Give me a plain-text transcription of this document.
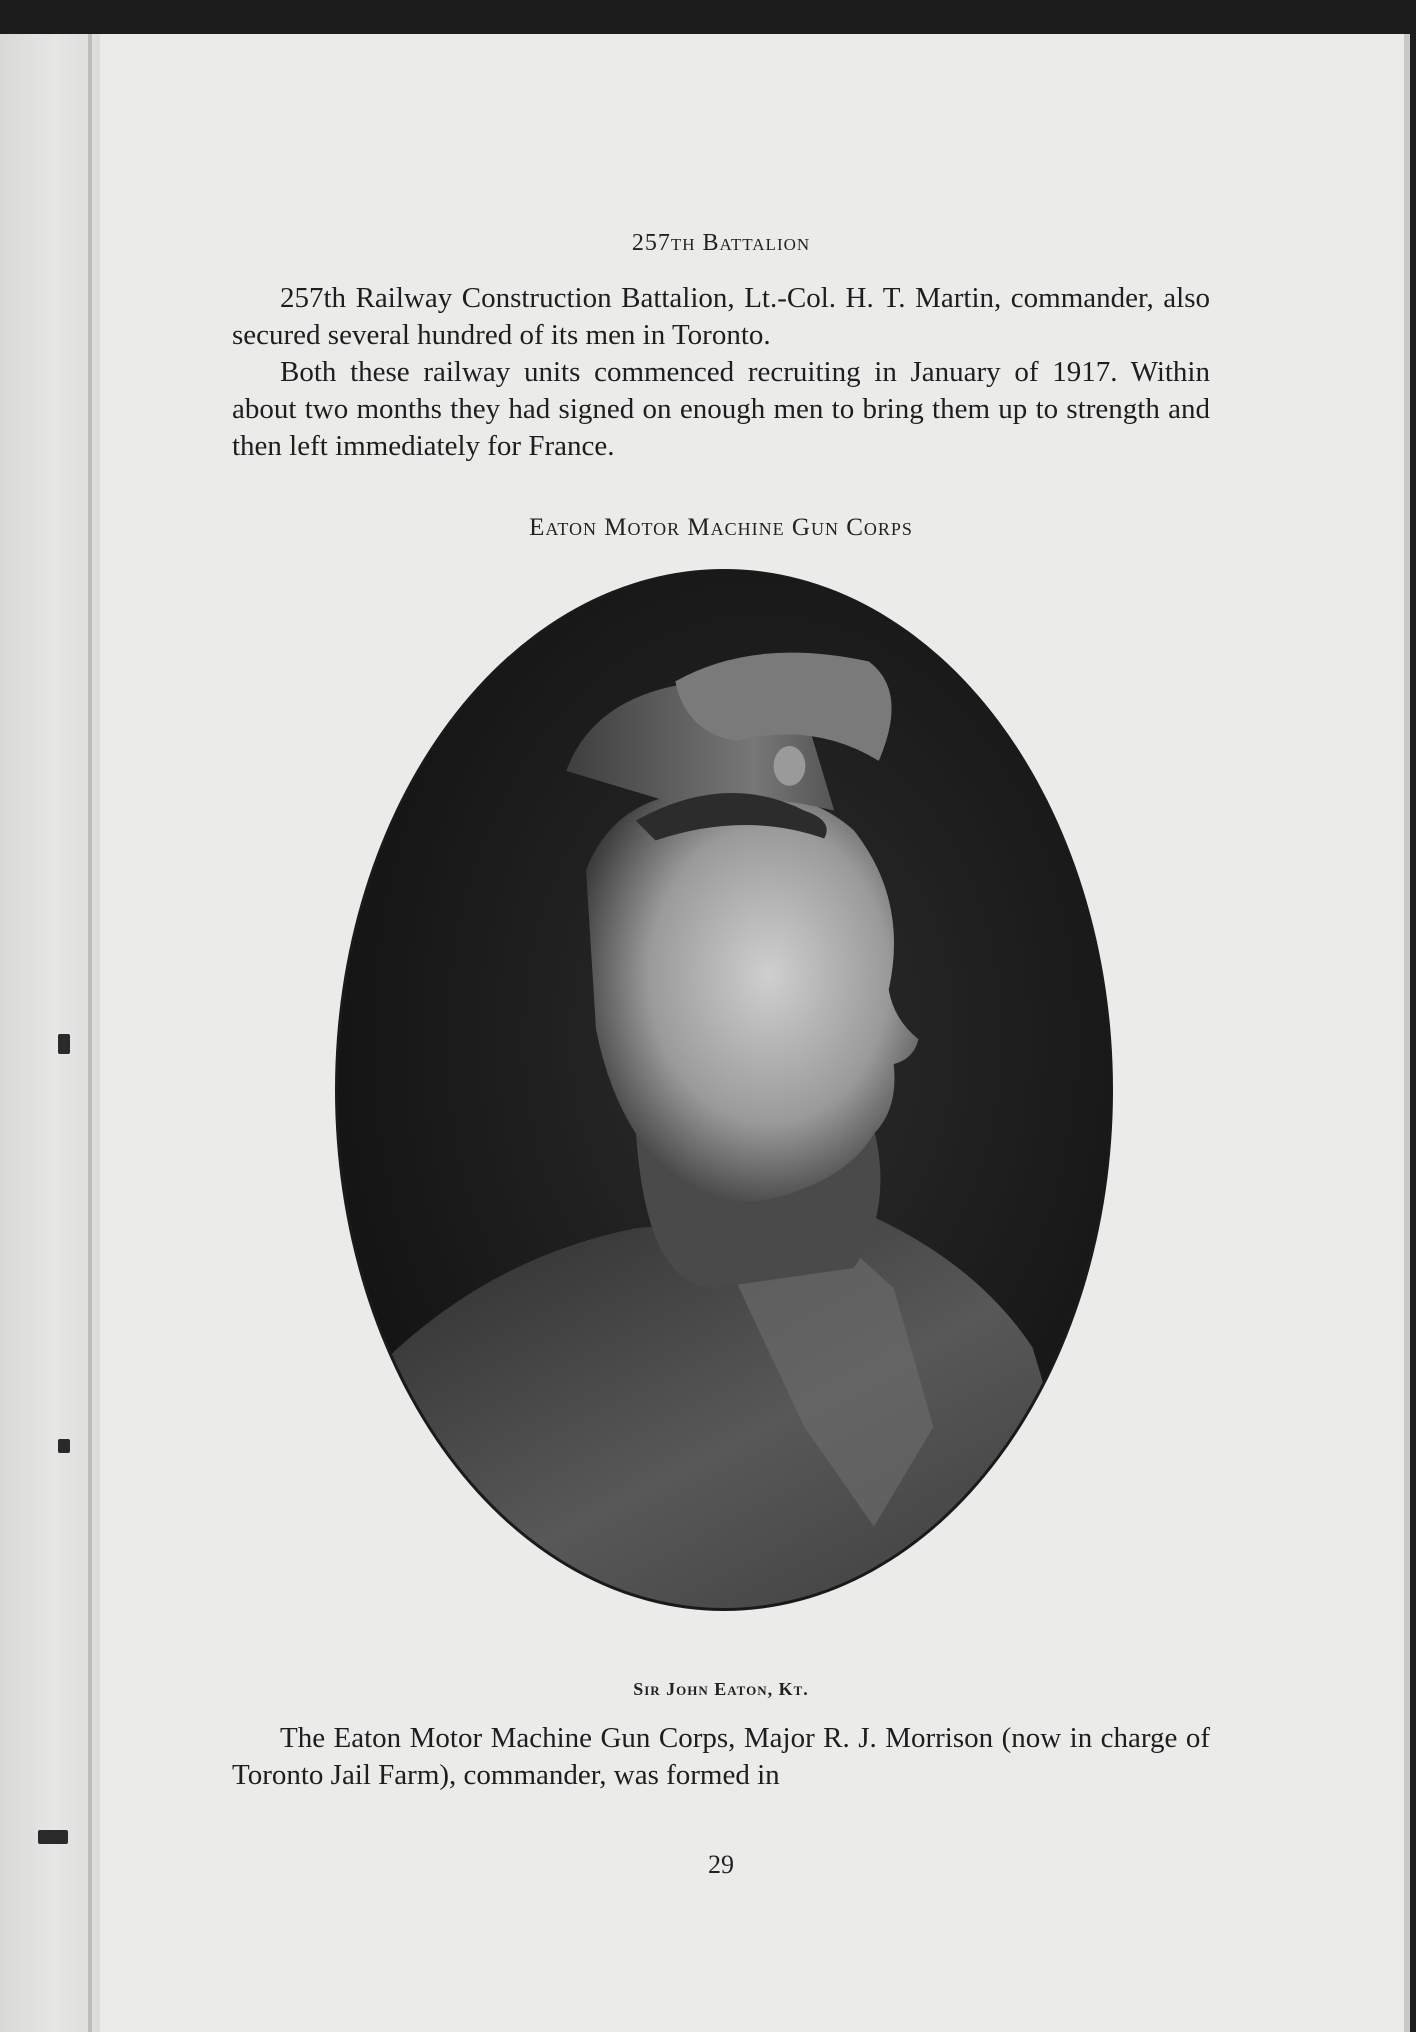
257th Battalion

257th Railway Construction Battalion, Lt.-Col. H. T. Martin, commander, also secured several hundred of its men in Toronto.

Both these railway units commenced recruiting in January of 1917. Within about two months they had signed on enough men to bring them up to strength and then left immediately for France.

Eaton Motor Machine Gun Corps
Sir John Eaton, Kt.

The Eaton Motor Machine Gun Corps, Major R. J. Morrison (now in charge of Toronto Jail Farm), commander, was formed in

29
